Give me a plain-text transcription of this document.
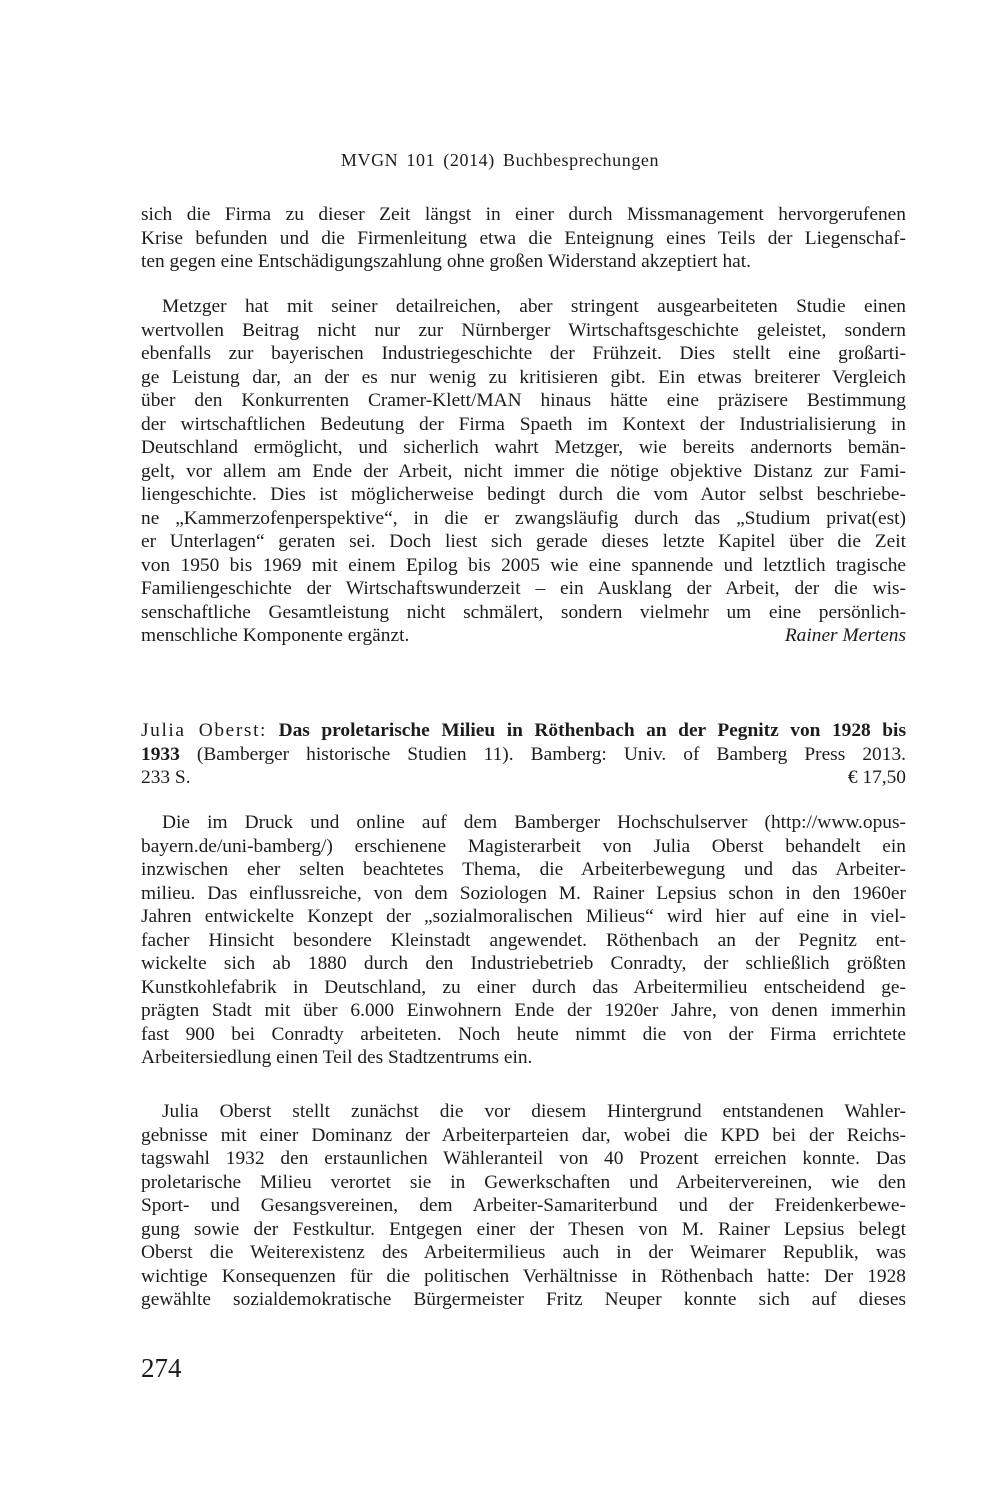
MVGN 101 (2014) Buchbesprechungen
sich die Firma zu dieser Zeit längst in einer durch Missmanagement hervorgerufenen
Krise befunden und die Firmenleitung etwa die Enteignung eines Teils der Liegenschaf-
ten gegen eine Entschädigungszahlung ohne großen Widerstand akzeptiert hat.
Metzger hat mit seiner detailreichen, aber stringent ausgearbeiteten Studie einen
wertvollen Beitrag nicht nur zur Nürnberger Wirtschaftsgeschichte geleistet, sondern
ebenfalls zur bayerischen Industriegeschichte der Frühzeit. Dies stellt eine großarti-
ge Leistung dar, an der es nur wenig zu kritisieren gibt. Ein etwas breiterer Vergleich
über den Konkurrenten Cramer-Klett/MAN hinaus hätte eine präzisere Bestimmung
der wirtschaftlichen Bedeutung der Firma Spaeth im Kontext der Industrialisierung in
Deutschland ermöglicht, und sicherlich wahrt Metzger, wie bereits andernorts bemän-
gelt, vor allem am Ende der Arbeit, nicht immer die nötige objektive Distanz zur Fami-
liengeschichte. Dies ist möglicherweise bedingt durch die vom Autor selbst beschriebe-
ne „Kammerzofenperspektive“, in die er zwangsläufig durch das „Studium privat(est)
er Unterlagen“ geraten sei. Doch liest sich gerade dieses letzte Kapitel über die Zeit
von 1950 bis 1969 mit einem Epilog bis 2005 wie eine spannende und letztlich tragische
Familiengeschichte der Wirtschaftswunderzeit – ein Ausklang der Arbeit, der die wis-
senschaftliche Gesamtleistung nicht schmälert, sondern vielmehr um eine persönlich-
menschliche Komponente ergänzt.	Rainer Mertens
Julia Oberst: Das proletarische Milieu in Röthenbach an der Pegnitz von 1928 bis
1933 (Bamberger historische Studien 11). Bamberg: Univ. of Bamberg Press 2013.
233 S.	€ 17,50
Die im Druck und online auf dem Bamberger Hochschulserver (http://www.opus-
bayern.de/uni-bamberg/) erschienene Magisterarbeit von Julia Oberst behandelt ein
inzwischen eher selten beachtetes Thema, die Arbeiterbewegung und das Arbeiter-
milieu. Das einflussreiche, von dem Soziologen M. Rainer Lepsius schon in den 1960er
Jahren entwickelte Konzept der „sozialmoralischen Milieus“ wird hier auf eine in viel-
facher Hinsicht besondere Kleinstadt angewendet. Röthenbach an der Pegnitz ent-
wickelte sich ab 1880 durch den Industriebetrieb Conradty, der schließlich größten
Kunstkohlefabrik in Deutschland, zu einer durch das Arbeitermilieu entscheidend ge-
prägten Stadt mit über 6.000 Einwohnern Ende der 1920er Jahre, von denen immerhin
fast 900 bei Conradty arbeiteten. Noch heute nimmt die von der Firma errichtete
Arbeitersiedlung einen Teil des Stadtzentrums ein.
Julia Oberst stellt zunächst die vor diesem Hintergrund entstandenen Wahler-
gebnisse mit einer Dominanz der Arbeiterparteien dar, wobei die KPD bei der Reichs-
tagswahl 1932 den erstaunlichen Wähleranteil von 40 Prozent erreichen konnte. Das
proletarische Milieu verortet sie in Gewerkschaften und Arbeitervereinen, wie den
Sport- und Gesangsvereinen, dem Arbeiter-Samariterbund und der Freidenkerbewe-
gung sowie der Festkultur. Entgegen einer der Thesen von M. Rainer Lepsius belegt
Oberst die Weiterexistenz des Arbeitermilieus auch in der Weimarer Republik, was
wichtige Konsequenzen für die politischen Verhältnisse in Röthenbach hatte: Der 1928
gewählte sozialdemokratische Bürgermeister Fritz Neuper konnte sich auf dieses
274
